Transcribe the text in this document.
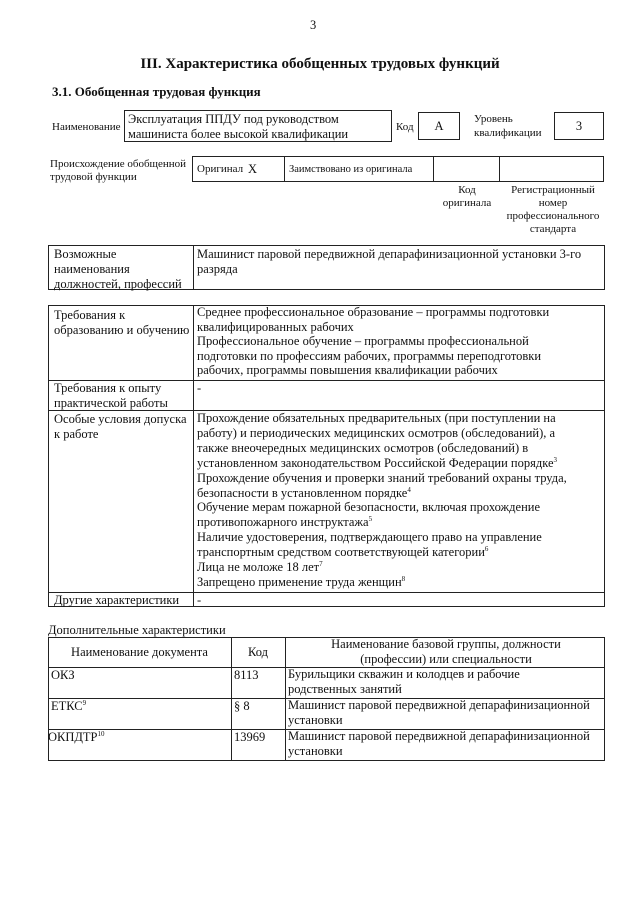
3
III. Характеристика обобщенных трудовых функций
3.1. Обобщенная трудовая функция
Наименование
Эксплуатация ППДУ под руководством машиниста более высокой квалификации	Код	А	Уровень
квалификации	3
Происхождение обобщенной трудовой функции
Оригинал Х	Заимствовано из оригинала
Код оригинала
Регистрационный номер профессионального стандарта
Возможные наименования должностей, профессий
Машинист паровой передвижной депарафинизационной установки 3-го разряда
Требования к образованию и обучению
Среднее профессиональное образование – программы подготовки
квалифицированных рабочих
Профессиональное обучение – программы профессиональной
подготовки по профессиям рабочих, программы переподготовки
рабочих, программы повышения квалификации рабочих
Требования к опыту практической работы
-
Особые условия допуска к работе
Прохождение обязательных предварительных (при поступлении на
работу) и периодических медицинских осмотров (обследований), а
также внеочередных медицинских осмотров (обследований) в
установленном законодательством Российской Федерации порядке$^3$
Прохождение обучения и проверки знаний требований охраны труда,
безопасности в установленном порядке$^4$
Обучение мерам пожарной безопасности, включая прохождение
противопожарного инструктажа$^5$
Наличие удостоверения, подтверждающего право на управление
транспортным средством соответствующей категории$^6$
Лица не моложе 18 лет$^7$
Запрещено применение труда женщин$^8$
Другие характеристики -
Дополнительные характеристики
Наименование документа	Код
Наименование базовой группы, должности
(профессии) или специальности
ОКЗ	8113 Бурильщики скважин и колодцев и рабочие
родственных занятий
ЕТКС$^9$	§ 8	Машинист паровой передвижной депарафинизационной
установки
ОКПДТР$^{10}$	13969 Машинист паровой передвижной депарафинизационной
установки
